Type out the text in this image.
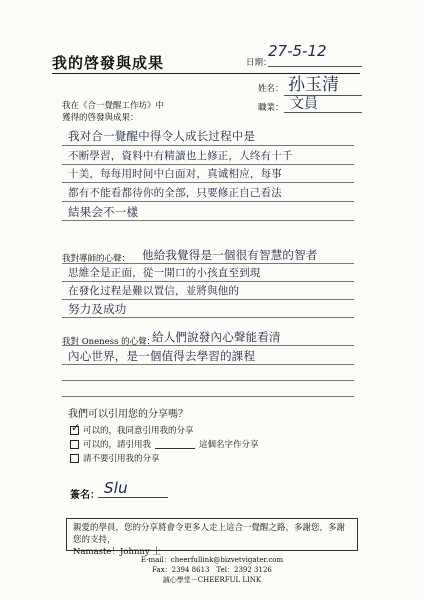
我的啓發與成果	日期：
27-5-12
姓名： 孙玉清
職業： 文員
我在《合一覺醒工作坊》中
獲得的啓發與成果：
我对合一覺醒中得令人成长过程中是
不断學習，資料中有精讀也上修正，人终有十千
十美，每每用时间中白面对，真诚相应，每事
都有不能看都待你的全部，只要修正自己看法
結果会不一樣
我對導師的心聲： 他給我覺得是一個很有智慧的智者
思維全是正面，從一開口的小孩直至到現
在發化过程是難以置信，並將與他的
努力及成功
我對 Oneness 的心聲：
給人們說發內心聲能看清
內心世界，是一個值得去學習的課程
我們可以引用您的分享嗎？
✓
可以的，我同意引用我的分享
可以的，請引用我	這個名字作分享
請不要引用我的分享
簽名： Slu
親愛的學員，您的分享將會令更多人走上這合一覺醒之路，多謝您，多謝您的支持，
Namaste！Johnny 上
E-mail：cheerfullink@bizvetvigater.com
Fax：2394 8613　Tel：2392 3126
誠心學堂－CHEERFUL LINK
